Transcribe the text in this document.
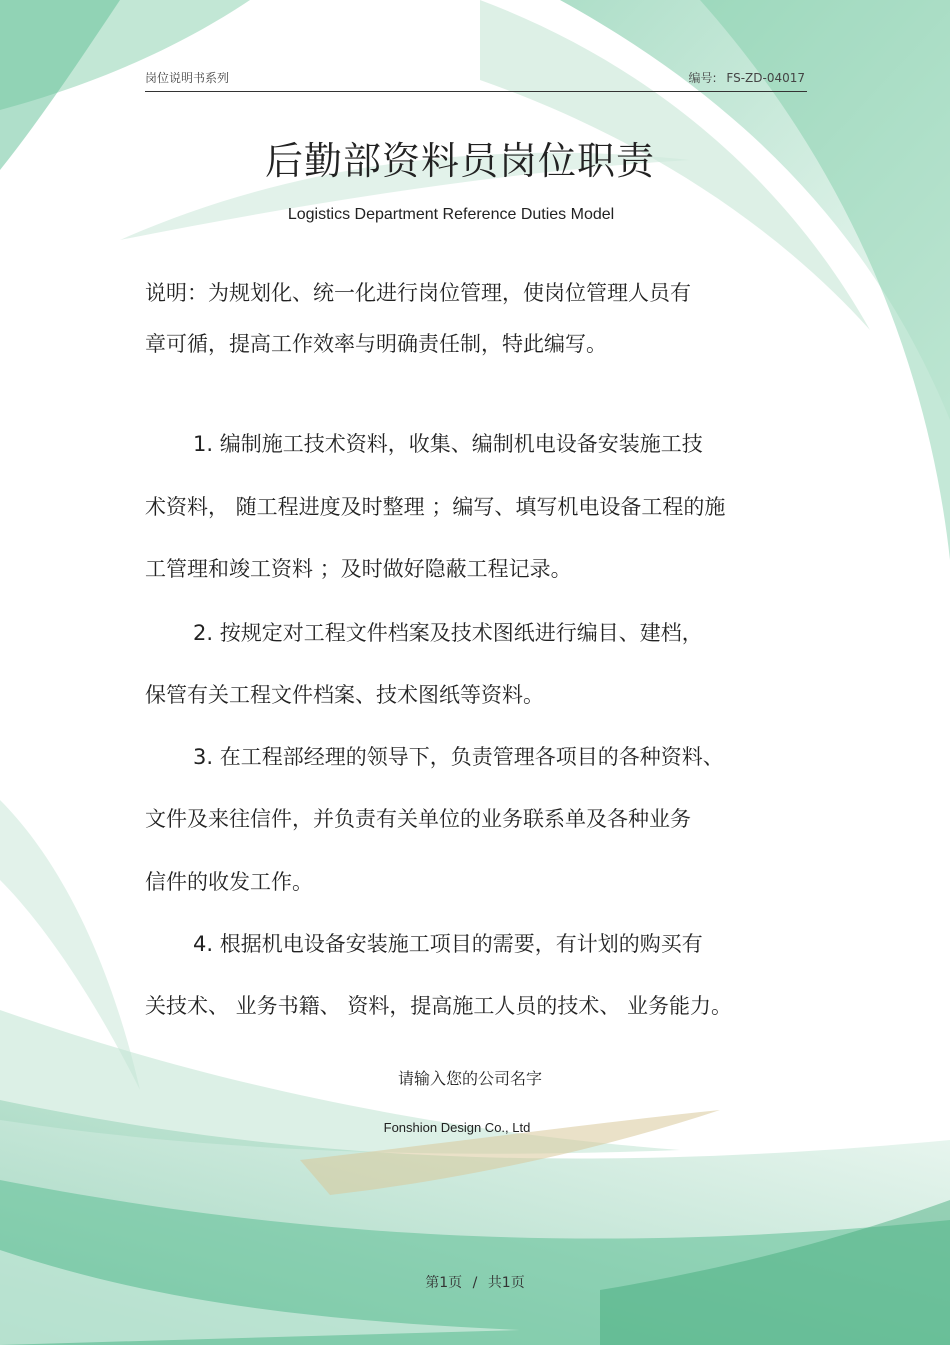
岗位说明书系列	编号: FS-ZD-04017
后勤部资料员岗位职责
Logistics Department Reference Duties Model
说明：为规划化、统一化进行岗位管理，使岗位管理人员有
章可循，提高工作效率与明确责任制，特此编写。
1. 编制施工技术资料，收集、编制机电设备安装施工技
术资料， 随工程进度及时整理 ；编写、填写机电设备工程的施
工管理和竣工资料 ；及时做好隐蔽工程记录。
2. 按规定对工程文件档案及技术图纸进行编目、建档，
保管有关工程文件档案、技术图纸等资料。
3. 在工程部经理的领导下，负责管理各项目的各种资料、
文件及来往信件，并负责有关单位的业务联系单及各种业务
信件的收发工作。
4. 根据机电设备安装施工项目的需要，有计划的购买有
关技术、 业务书籍、 资料，提高施工人员的技术、 业务能力。
请输入您的公司名字
Fonshion Design Co., Ltd
第1页 / 共1页
